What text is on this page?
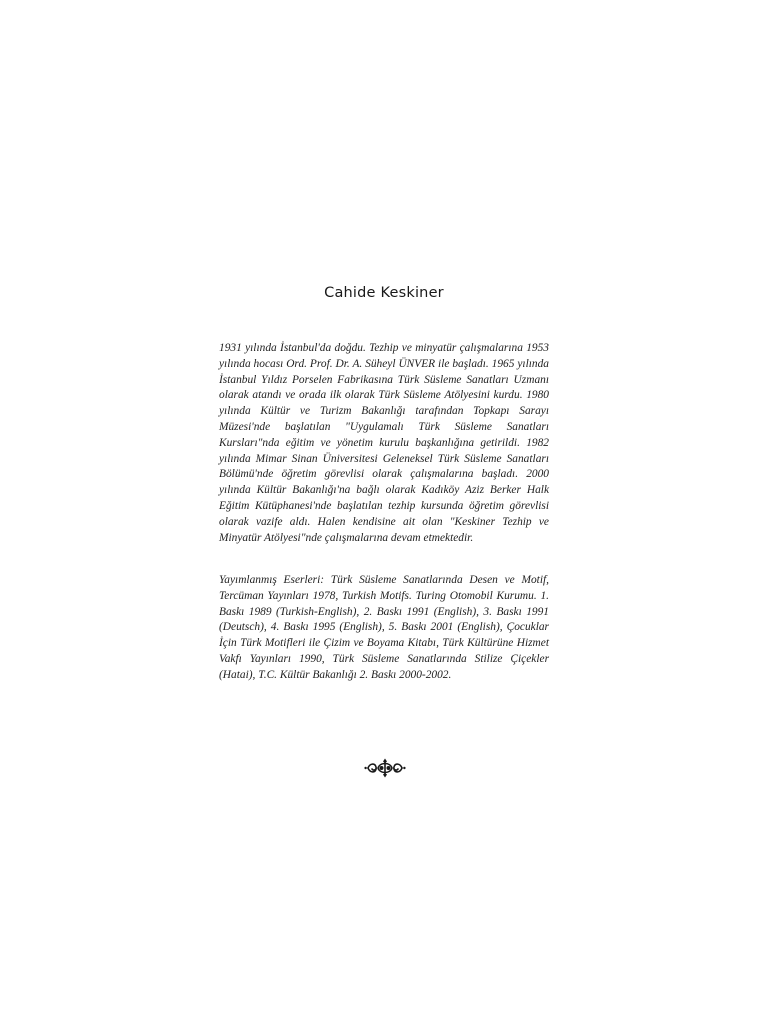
Cahide Keskiner

1931 yılında İstanbul'da doğdu. Tezhip ve minyatür çalışmalarına 1953 yılında hocası Ord. Prof. Dr. A. Süheyl ÜNVER ile başladı. 1965 yılında İstanbul Yıldız Porselen Fabrikasına Türk Süsleme Sanatları Uzmanı olarak atandı ve orada ilk olarak Türk Süsleme Atölyesini kurdu. 1980 yılında Kültür ve Turizm Bakanlığı tarafından Topkapı Sarayı Müzesi'nde başlatılan "Uygulamalı Türk Süsleme Sanatları Kursları"nda eğitim ve yönetim kurulu başkanlığına getirildi. 1982 yılında Mimar Sinan Üniversitesi Geleneksel Türk Süsleme Sanatları Bölümü'nde öğretim görevlisi olarak çalışmalarına başladı. 2000 yılında Kültür Bakanlığı'na bağlı olarak Kadıköy Aziz Berker Halk Eğitim Kütüphanesi'nde başlatılan tezhip kursunda öğretim görevlisi olarak vazife aldı. Halen kendisine ait olan "Keskiner Tezhip ve Minyatür Atölyesi"nde çalışmalarına devam etmektedir.

Yayımlanmış Eserleri: Türk Süsleme Sanatlarında Desen ve Motif, Tercüman Yayınları 1978, Turkish Motifs. Turing Otomobil Kurumu. 1. Baskı 1989 (Turkish-English), 2. Baskı 1991 (English), 3. Baskı 1991 (Deutsch), 4. Baskı 1995 (English), 5. Baskı 2001 (English), Çocuklar İçin Türk Motifleri ile Çizim ve Boyama Kitabı, Türk Kültürüne Hizmet Vakfı Yayınları 1990, Türk Süsleme Sanatlarında Stilize Çiçekler (Hatai), T.C. Kültür Bakanlığı 2. Baskı 2000-2002.
